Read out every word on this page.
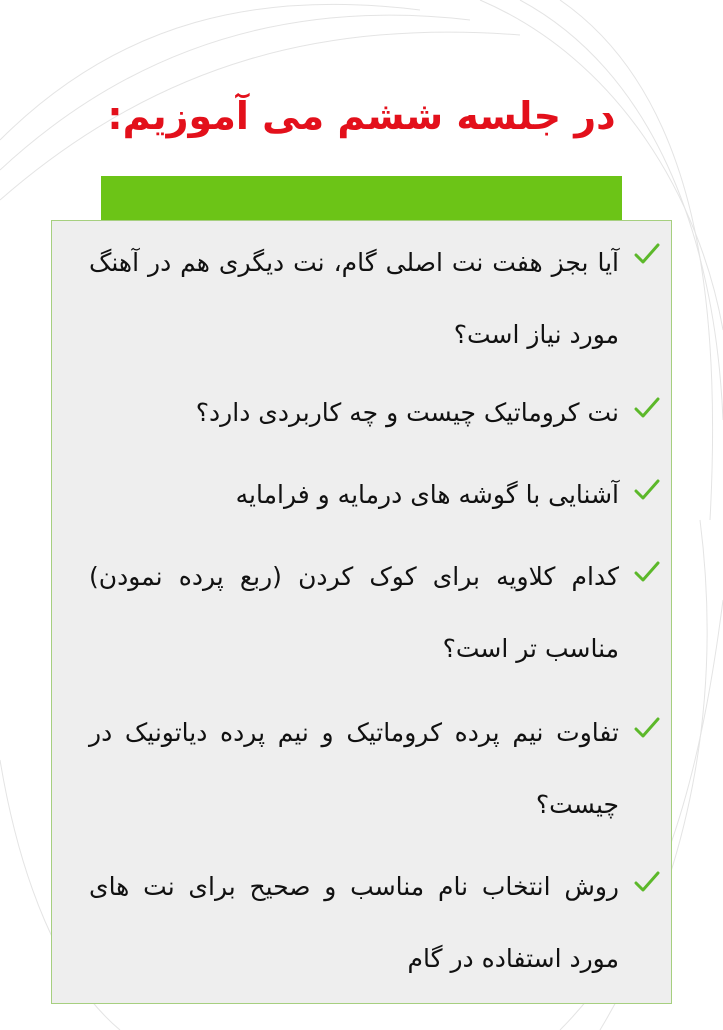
در جلسه ششم می آموزیم:

آیا بجز هفت نت اصلی گام، نت دیگری هم در آهنگ مورد نیاز است؟

نت کروماتیک چیست و چه کاربردی دارد؟

آشنایی با گوشه های درمایه و فرامایه

کدام کلاویه برای کوک کردن (ربع پرده نمودن) مناسب تر است؟

تفاوت نیم پرده کروماتیک و نیم پرده دیاتونیک در چیست؟

روش انتخاب نام مناسب و صحیح برای نت های مورد استفاده در گام
